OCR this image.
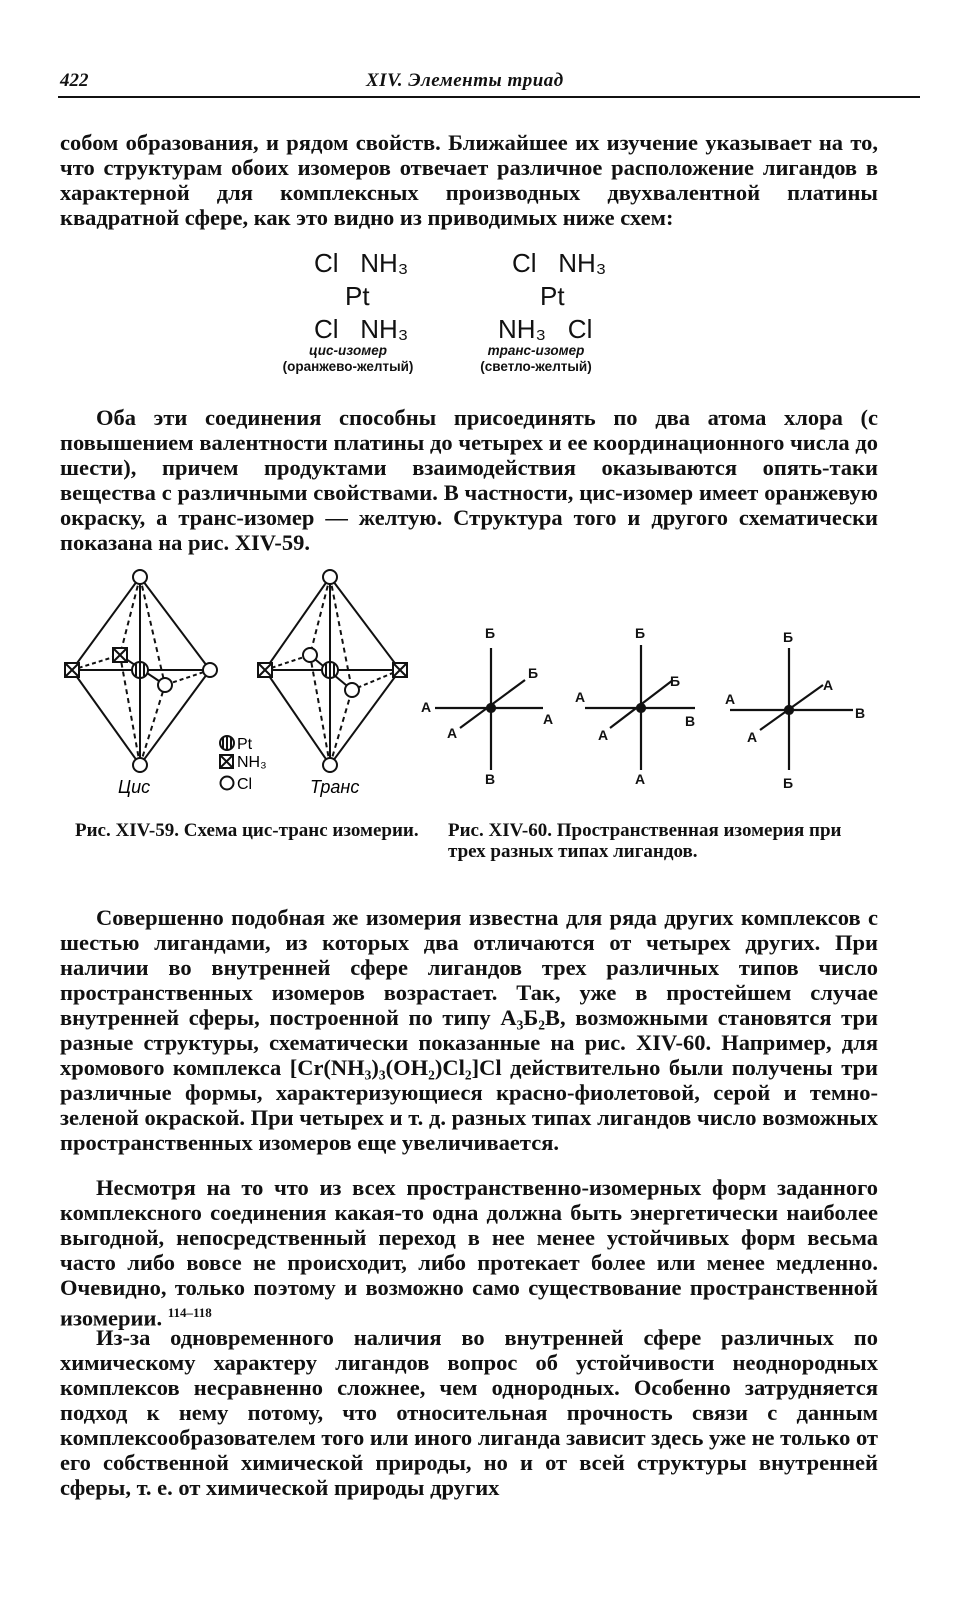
422	XIV. Элементы триад
собом образования, и рядом свойств. Ближайшее их изучение указывает на то, что структурам обоих изомеров отвечает различное расположение лигандов в характерной для комплексных производных двухвалентной платины квадратной сфере, как это видно из приводимых ниже схем:
Cl   NH₃
Pt
Cl   NH₃
цис-изомер
(оранжево-желтый)
Cl   NH₃
Pt
NH₃   Cl
транс-изомер
(светло-желтый)
Оба эти соединения способны присоединять по два атома хлора (с повышением валентности платины до четырех и ее координационного числа до шести), причем продуктами взаимодействия оказываются опять-таки вещества с различными свойствами. В частности, цис-изомер имеет оранжевую окраску, а транс-изомер — желтую. Структура того и другого схематически показана на рис. XIV-59.
Цис	Транс
Pt
NH₃
Cl
Рис. XIV-59. Схема цис-транс изомерии.
Б
Б
А
А
А
В
Б
Б
А
В
А
А
Б
А
А
В
А
Б
Рис. XIV-60. Пространственная изомерия при трех разных типах лигандов.
Совершенно подобная же изомерия известна для ряда других комплексов с шестью лигандами, из которых два отличаются от четырех других. При наличии во внутренней сфере лигандов трех различных типов число пространственных изомеров возрастает. Так, уже в простейшем случае внутренней сферы, построенной по типу А₃Б₂В, возможными становятся три разные структуры, схематически показанные на рис. XIV-60. Например, для хромового комплекса [Cr(NH₃)₃(OH₂)Cl₂]Cl действительно были получены три различные формы, характеризующиеся красно-фиолетовой, серой и темно-зеленой окраской. При четырех и т. д. разных типах лигандов число возможных пространственных изомеров еще увеличивается.
Несмотря на то что из всех пространственно-изомерных форм заданного комплексного соединения какая-то одна должна быть энергетически наиболее выгодной, непосредственный переход в нее менее устойчивых форм весьма часто либо вовсе не происходит, либо протекает более или менее медленно. Очевидно, только поэтому и возможно само существование пространственной изомерии. $^{114-118}$
Из-за одновременного наличия во внутренней сфере различных по химическому характеру лигандов вопрос об устойчивости неоднородных комплексов несравненно сложнее, чем однородных. Особенно затрудняется подход к нему потому, что относительная прочность связи с данным комплексообразователем того или иного лиганда зависит здесь уже не только от его собственной химической природы, но и от всей структуры внутренней сферы, т. е. от химической природы других
